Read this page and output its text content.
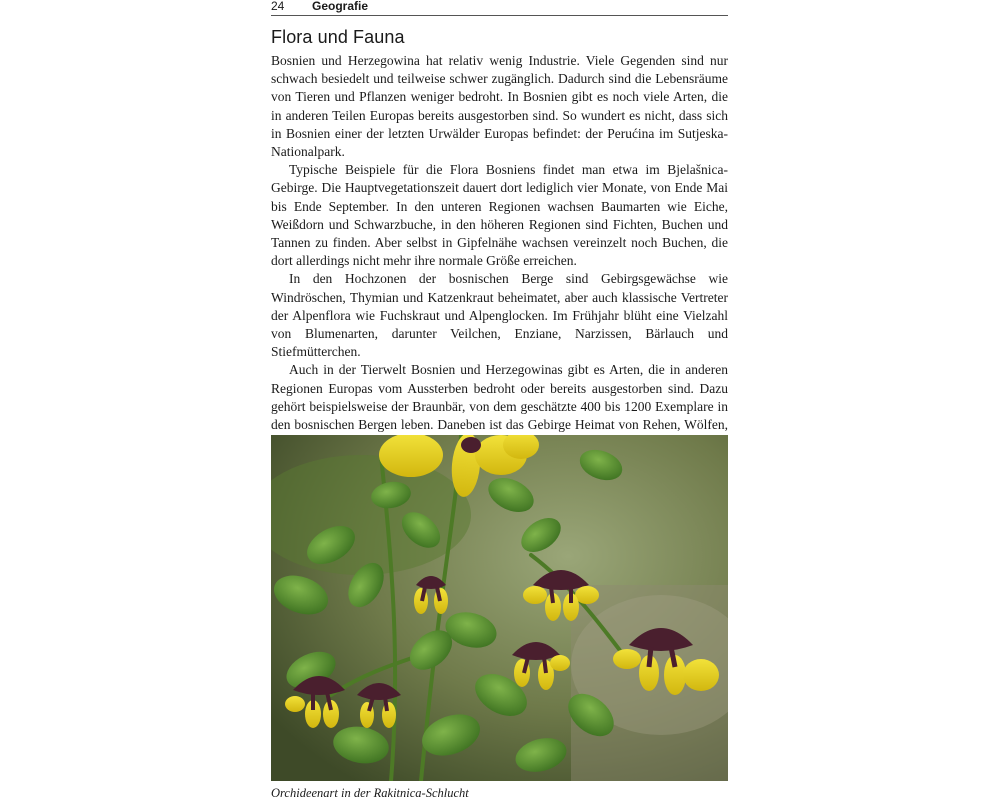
24 Geografie
Flora und Fauna

Bosnien und Herzegowina hat relativ wenig Industrie. Viele Gegenden sind nur schwach besiedelt und teilweise schwer zugänglich. Dadurch sind die Lebensräume von Tieren und Pflanzen weniger bedroht. In Bosnien gibt es noch viele Arten, die in anderen Teilen Europas bereits ausgestorben sind. So wundert es nicht, dass sich in Bosnien einer der letzten Urwälder Europas befindet: der Perućina im Sutjeska-Nationalpark.

Typische Beispiele für die Flora Bosniens findet man etwa im Bjelašnica-Gebirge. Die Hauptvegetationszeit dauert dort lediglich vier Monate, von Ende Mai bis Ende September. In den unteren Regionen wachsen Baumarten wie Eiche, Weißdorn und Schwarzbuche, in den höheren Regionen sind Fichten, Buchen und Tannen zu finden. Aber selbst in Gipfelnähe wachsen vereinzelt noch Buchen, die dort allerdings nicht mehr ihre normale Größe erreichen.

In den Hochzonen der bosnischen Berge sind Gebirgsgewächse wie Windröschen, Thymian und Katzenkraut beheimatet, aber auch klassische Vertreter der Alpenflora wie Fuchskraut und Alpenglocken. Im Frühjahr blüht eine Vielzahl von Blumenarten, darunter Veilchen, Enziane, Narzissen, Bärlauch und Stiefmütterchen.

Auch in der Tierwelt Bosnien und Herzegowinas gibt es Arten, die in anderen Regionen Europas vom Aussterben bedroht oder bereits ausgestorben sind. Dazu gehört beispielsweise der Braunbär, von dem geschätzte 400 bis 1200 Exemplare in den bosnischen Bergen leben. Daneben ist das Gebirge Heimat von Rehen, Wölfen,

Orchideenart in der Rakitnica-Schlucht
